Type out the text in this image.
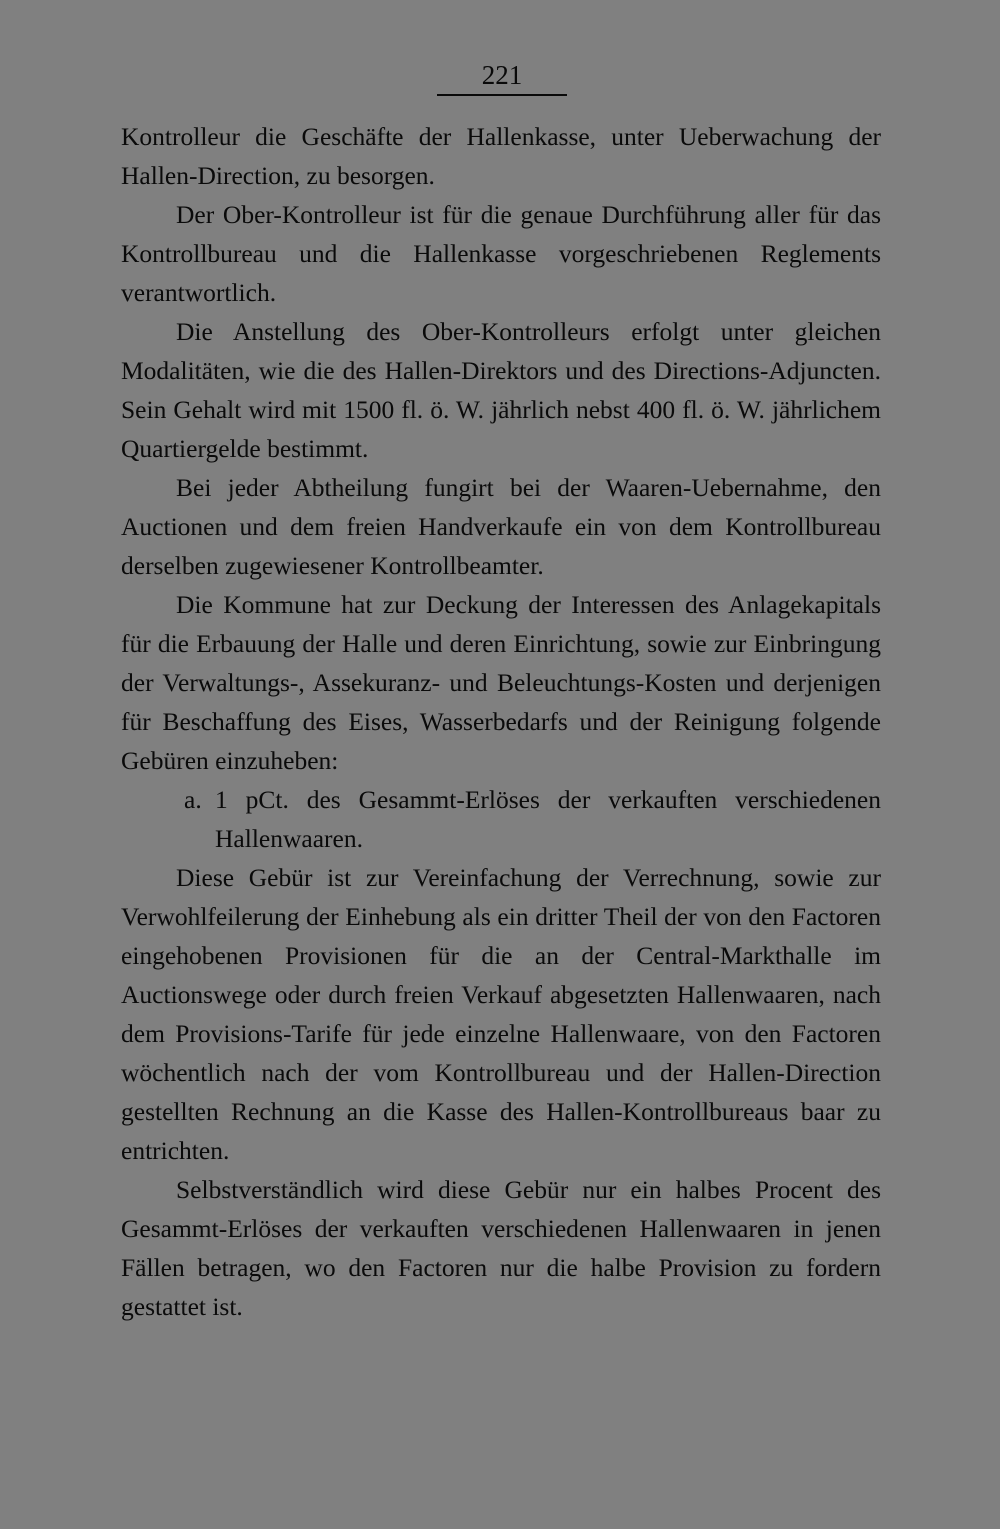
221

Kontrolleur die Geschäfte der Hallenkasse, unter Ueberwachung der Hallen-Direction, zu besorgen.

Der Ober-Kontrolleur ist für die genaue Durchführung aller für das Kontrollbureau und die Hallenkasse vorgeschriebenen Reglements verantwortlich.

Die Anstellung des Ober-Kontrolleurs erfolgt unter gleichen Modalitäten, wie die des Hallen-Direktors und des Directions-Adjuncten. Sein Gehalt wird mit 1500 fl. ö. W. jährlich nebst 400 fl. ö. W. jährlichem Quartiergelde bestimmt.

Bei jeder Abtheilung fungirt bei der Waaren-Uebernahme, den Auctionen und dem freien Handverkaufe ein von dem Kontrollbureau derselben zugewiesener Kontrollbeamter.

Die Kommune hat zur Deckung der Interessen des Anlagekapitals für die Erbauung der Halle und deren Einrichtung, sowie zur Einbringung der Verwaltungs-, Assekuranz- und Beleuchtungs-Kosten und derjenigen für Beschaffung des Eises, Wasserbedarfs und der Reinigung folgende Gebüren einzuheben:

a. 1 pCt. des Gesammt-Erlöses der verkauften verschiedenen Hallenwaaren.

Diese Gebür ist zur Vereinfachung der Verrechnung, sowie zur Verwohlfeilerung der Einhebung als ein dritter Theil der von den Factoren eingehobenen Provisionen für die an der Central-Markthalle im Auctionswege oder durch freien Verkauf abgesetzten Hallenwaaren, nach dem Provisions-Tarife für jede einzelne Hallenwaare, von den Factoren wöchentlich nach der vom Kontrollbureau und der Hallen-Direction gestellten Rechnung an die Kasse des Hallen-Kontrollbureaus baar zu entrichten.

Selbstverständlich wird diese Gebür nur ein halbes Procent des Gesammt-Erlöses der verkauften verschiedenen Hallenwaaren in jenen Fällen betragen, wo den Factoren nur die halbe Provision zu fordern gestattet ist.
